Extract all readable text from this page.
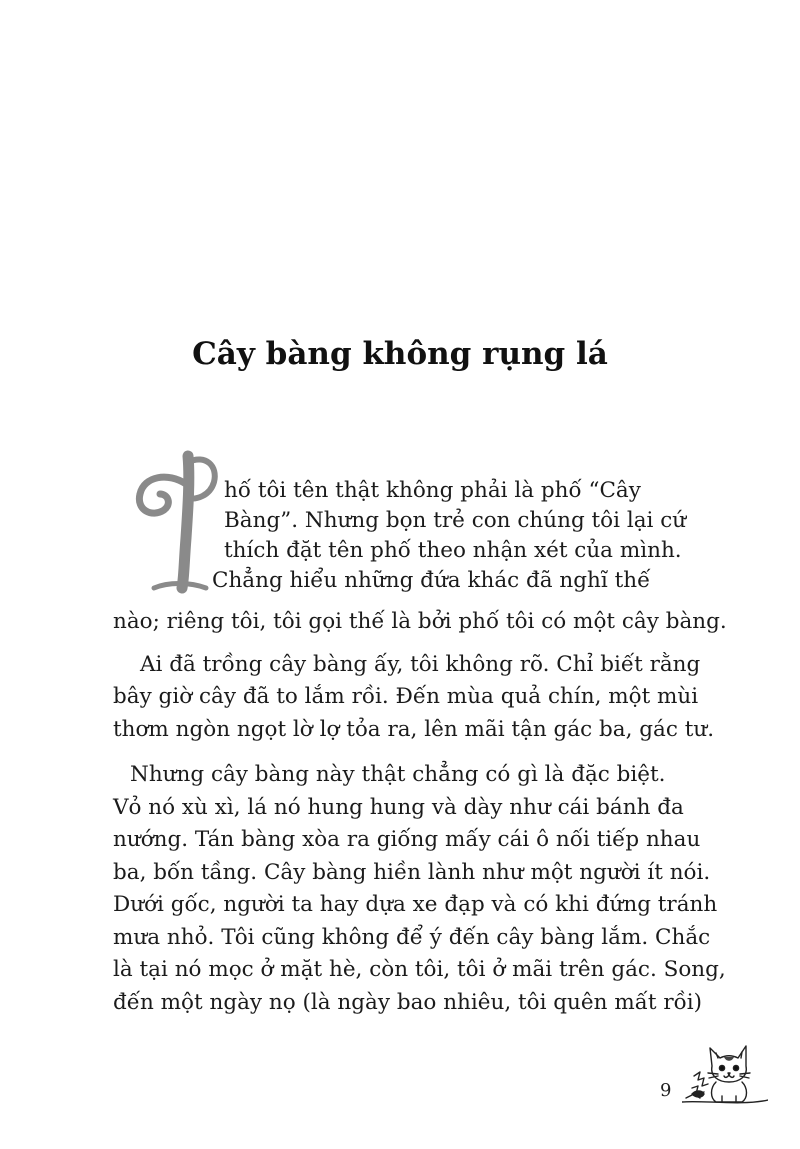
Cây bàng không rụng lá

hố tôi tên thật không phải là phố “Cây

Bàng”. Nhưng bọn trẻ con chúng tôi lại cứ

thích đặt tên phố theo nhận xét của mình.

Chẳng hiểu những đứa khác đã nghĩ thế

nào; riêng tôi, tôi gọi thế là bởi phố tôi có một cây bàng.

Ai đã trồng cây bàng ấy, tôi không rõ. Chỉ biết rằng

bây giờ cây đã to lắm rồi. Đến mùa quả chín, một mùi

thơm ngòn ngọt lờ lợ tỏa ra, lên mãi tận gác ba, gác tư.

Nhưng cây bàng này thật chẳng có gì là đặc biệt.

Vỏ nó xù xì, lá nó hung hung và dày như cái bánh đa

nướng. Tán bàng xòa ra giống mấy cái ô nối tiếp nhau

ba, bốn tầng. Cây bàng hiền lành như một người ít nói.

Dưới gốc, người ta hay dựa xe đạp và có khi đứng tránh

mưa nhỏ. Tôi cũng không để ý đến cây bàng lắm. Chắc

là tại nó mọc ở mặt hè, còn tôi, tôi ở mãi trên gác. Song,

đến một ngày nọ (là ngày bao nhiêu, tôi quên mất rồi)

9
